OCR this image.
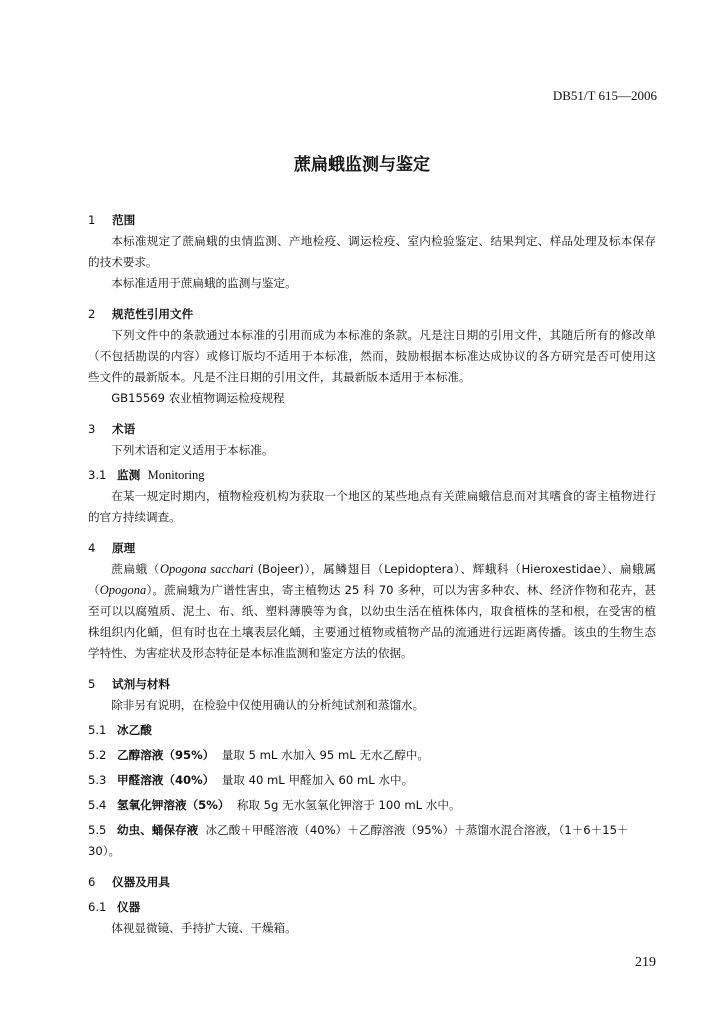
DB51/T 615—2006
蔗扁蛾监测与鉴定
1 范围
本标准规定了蔗扁蛾的虫情监测、产地检疫、调运检疫、室内检验鉴定、结果判定、样品处理及标本保存的技术要求。
本标准适用于蔗扁蛾的监测与鉴定。
2 规范性引用文件
下列文件中的条款通过本标准的引用而成为本标准的条款。凡是注日期的引用文件，其随后所有的修改单（不包括勘误的内容）或修订版均不适用于本标准，然而，鼓励根据本标准达成协议的各方研究是否可使用这些文件的最新版本。凡是不注日期的引用文件，其最新版本适用于本标准。
GB15569 农业植物调运检疫规程
3 术语
下列术语和定义适用于本标准。
3.1 监测 Monitoring
在某一规定时期内，植物检疫机构为获取一个地区的某些地点有关蔗扁蛾信息而对其嗜食的寄主植物进行的官方持续调查。
4 原理
蔗扁蛾（Opogona sacchari (Bojeer)），属鳞翅目（Lepidoptera）、辉蛾科（Hieroxestidae）、扁蛾属（Opogona）。蔗扁蛾为广谱性害虫，寄主植物达 25 科 70 多种，可以为害多种农、林、经济作物和花卉，甚至可以以腐殖质、泥土、布、纸、塑料薄膜等为食，以幼虫生活在植株体内，取食植株的茎和根，在受害的植株组织内化蛹，但有时也在土壤表层化蛹，主要通过植物或植物产品的流通进行远距离传播。该虫的生物生态学特性、为害症状及形态特征是本标准监测和鉴定方法的依据。
5 试剂与材料
除非另有说明，在检验中仅使用确认的分析纯试剂和蒸馏水。
5.1 冰乙酸
5.2 乙醇溶液（95%） 量取 5 mL 水加入 95 mL 无水乙醇中。
5.3 甲醛溶液（40%） 量取 40 mL 甲醛加入 60 mL 水中。
5.4 氢氧化钾溶液（5%） 称取 5g 无水氢氧化钾溶于 100 mL 水中。
5.5 幼虫、蛹保存液 冰乙酸＋甲醛溶液（40%）＋乙醇溶液（95%）＋蒸馏水混合溶液，（1＋6＋15＋30）。
6 仪器及用具
6.1 仪器
体视显微镜、手持扩大镜、干燥箱。
219
